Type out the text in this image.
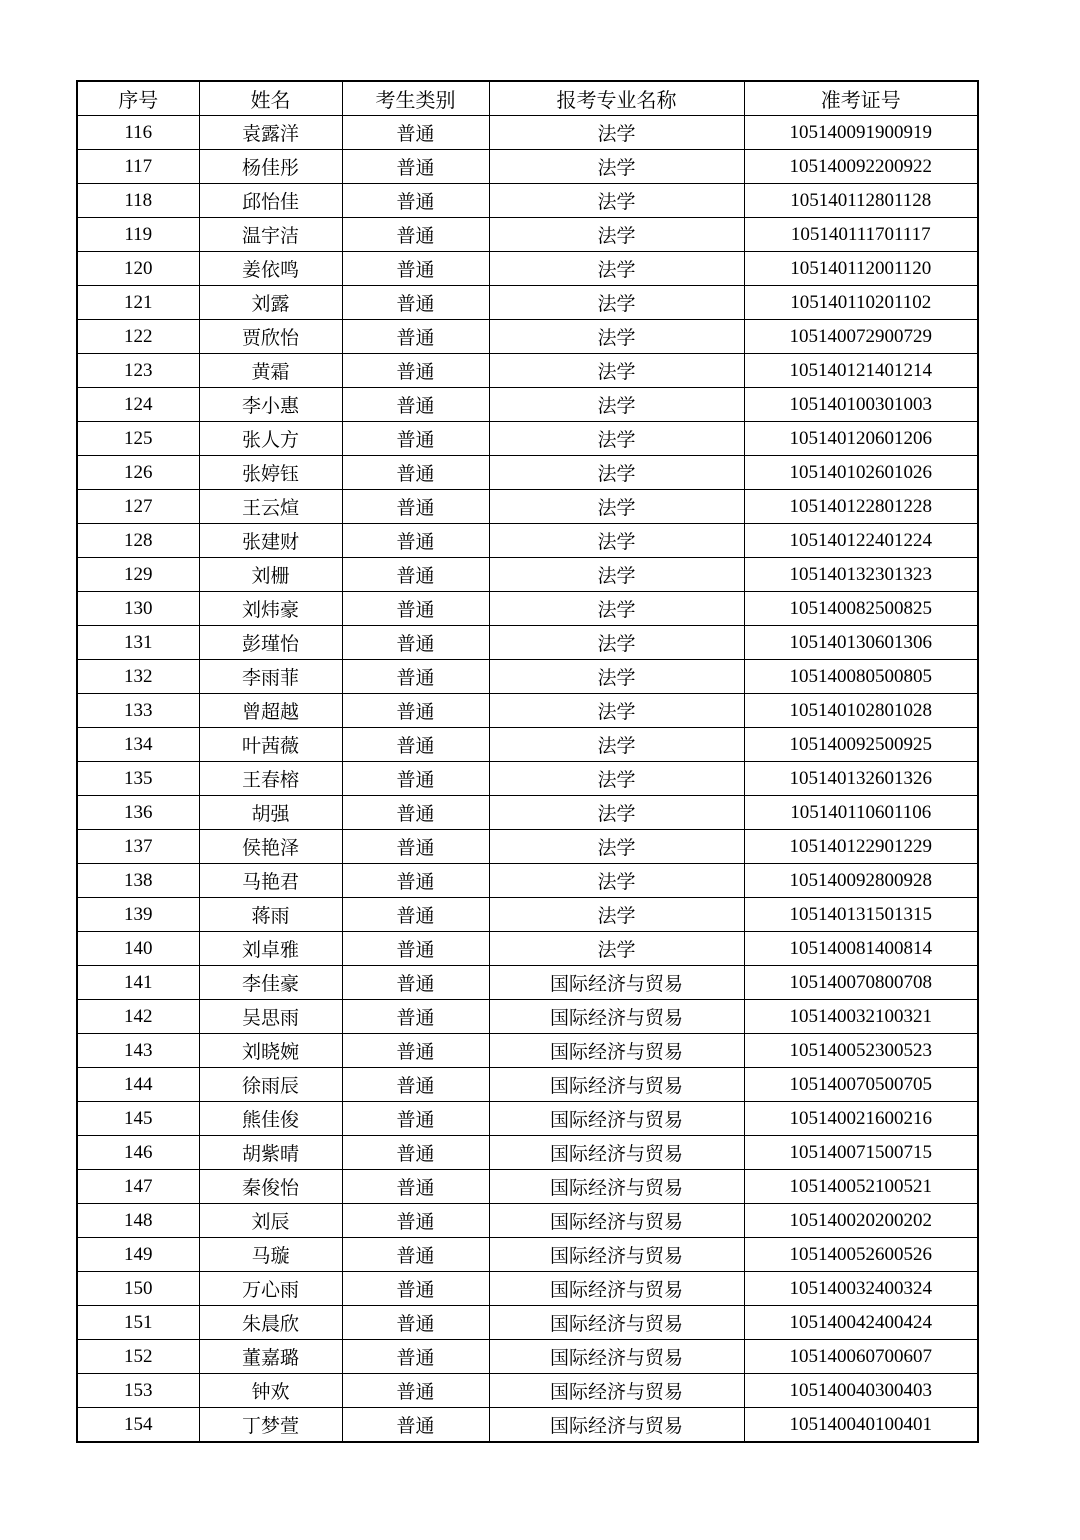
序号	姓名	考生类别	报考专业名称	准考证号
116	袁露洋	普通	法学	105140091900919
117	杨佳彤	普通	法学	105140092200922
118	邱怡佳	普通	法学	105140112801128
119	温宇洁	普通	法学	105140111701117
120	姜依鸣	普通	法学	105140112001120
121	刘露	普通	法学	105140110201102
122	贾欣怡	普通	法学	105140072900729
123	黄霜	普通	法学	105140121401214
124	李小惠	普通	法学	105140100301003
125	张人方	普通	法学	105140120601206
126	张婷钰	普通	法学	105140102601026
127	王云煊	普通	法学	105140122801228
128	张建财	普通	法学	105140122401224
129	刘栅	普通	法学	105140132301323
130	刘炜豪	普通	法学	105140082500825
131	彭瑾怡	普通	法学	105140130601306
132	李雨菲	普通	法学	105140080500805
133	曾超越	普通	法学	105140102801028
134	叶茜薇	普通	法学	105140092500925
135	王春榕	普通	法学	105140132601326
136	胡强	普通	法学	105140110601106
137	侯艳泽	普通	法学	105140122901229
138	马艳君	普通	法学	105140092800928
139	蒋雨	普通	法学	105140131501315
140	刘卓雅	普通	法学	105140081400814
141	李佳豪	普通	国际经济与贸易	105140070800708
142	吴思雨	普通	国际经济与贸易	105140032100321
143	刘晓婉	普通	国际经济与贸易	105140052300523
144	徐雨辰	普通	国际经济与贸易	105140070500705
145	熊佳俊	普通	国际经济与贸易	105140021600216
146	胡紫晴	普通	国际经济与贸易	105140071500715
147	秦俊怡	普通	国际经济与贸易	105140052100521
148	刘辰	普通	国际经济与贸易	105140020200202
149	马璇	普通	国际经济与贸易	105140052600526
150	万心雨	普通	国际经济与贸易	105140032400324
151	朱晨欣	普通	国际经济与贸易	105140042400424
152	董嘉璐	普通	国际经济与贸易	105140060700607
153	钟欢	普通	国际经济与贸易	105140040300403
154	丁梦萱	普通	国际经济与贸易	105140040100401
